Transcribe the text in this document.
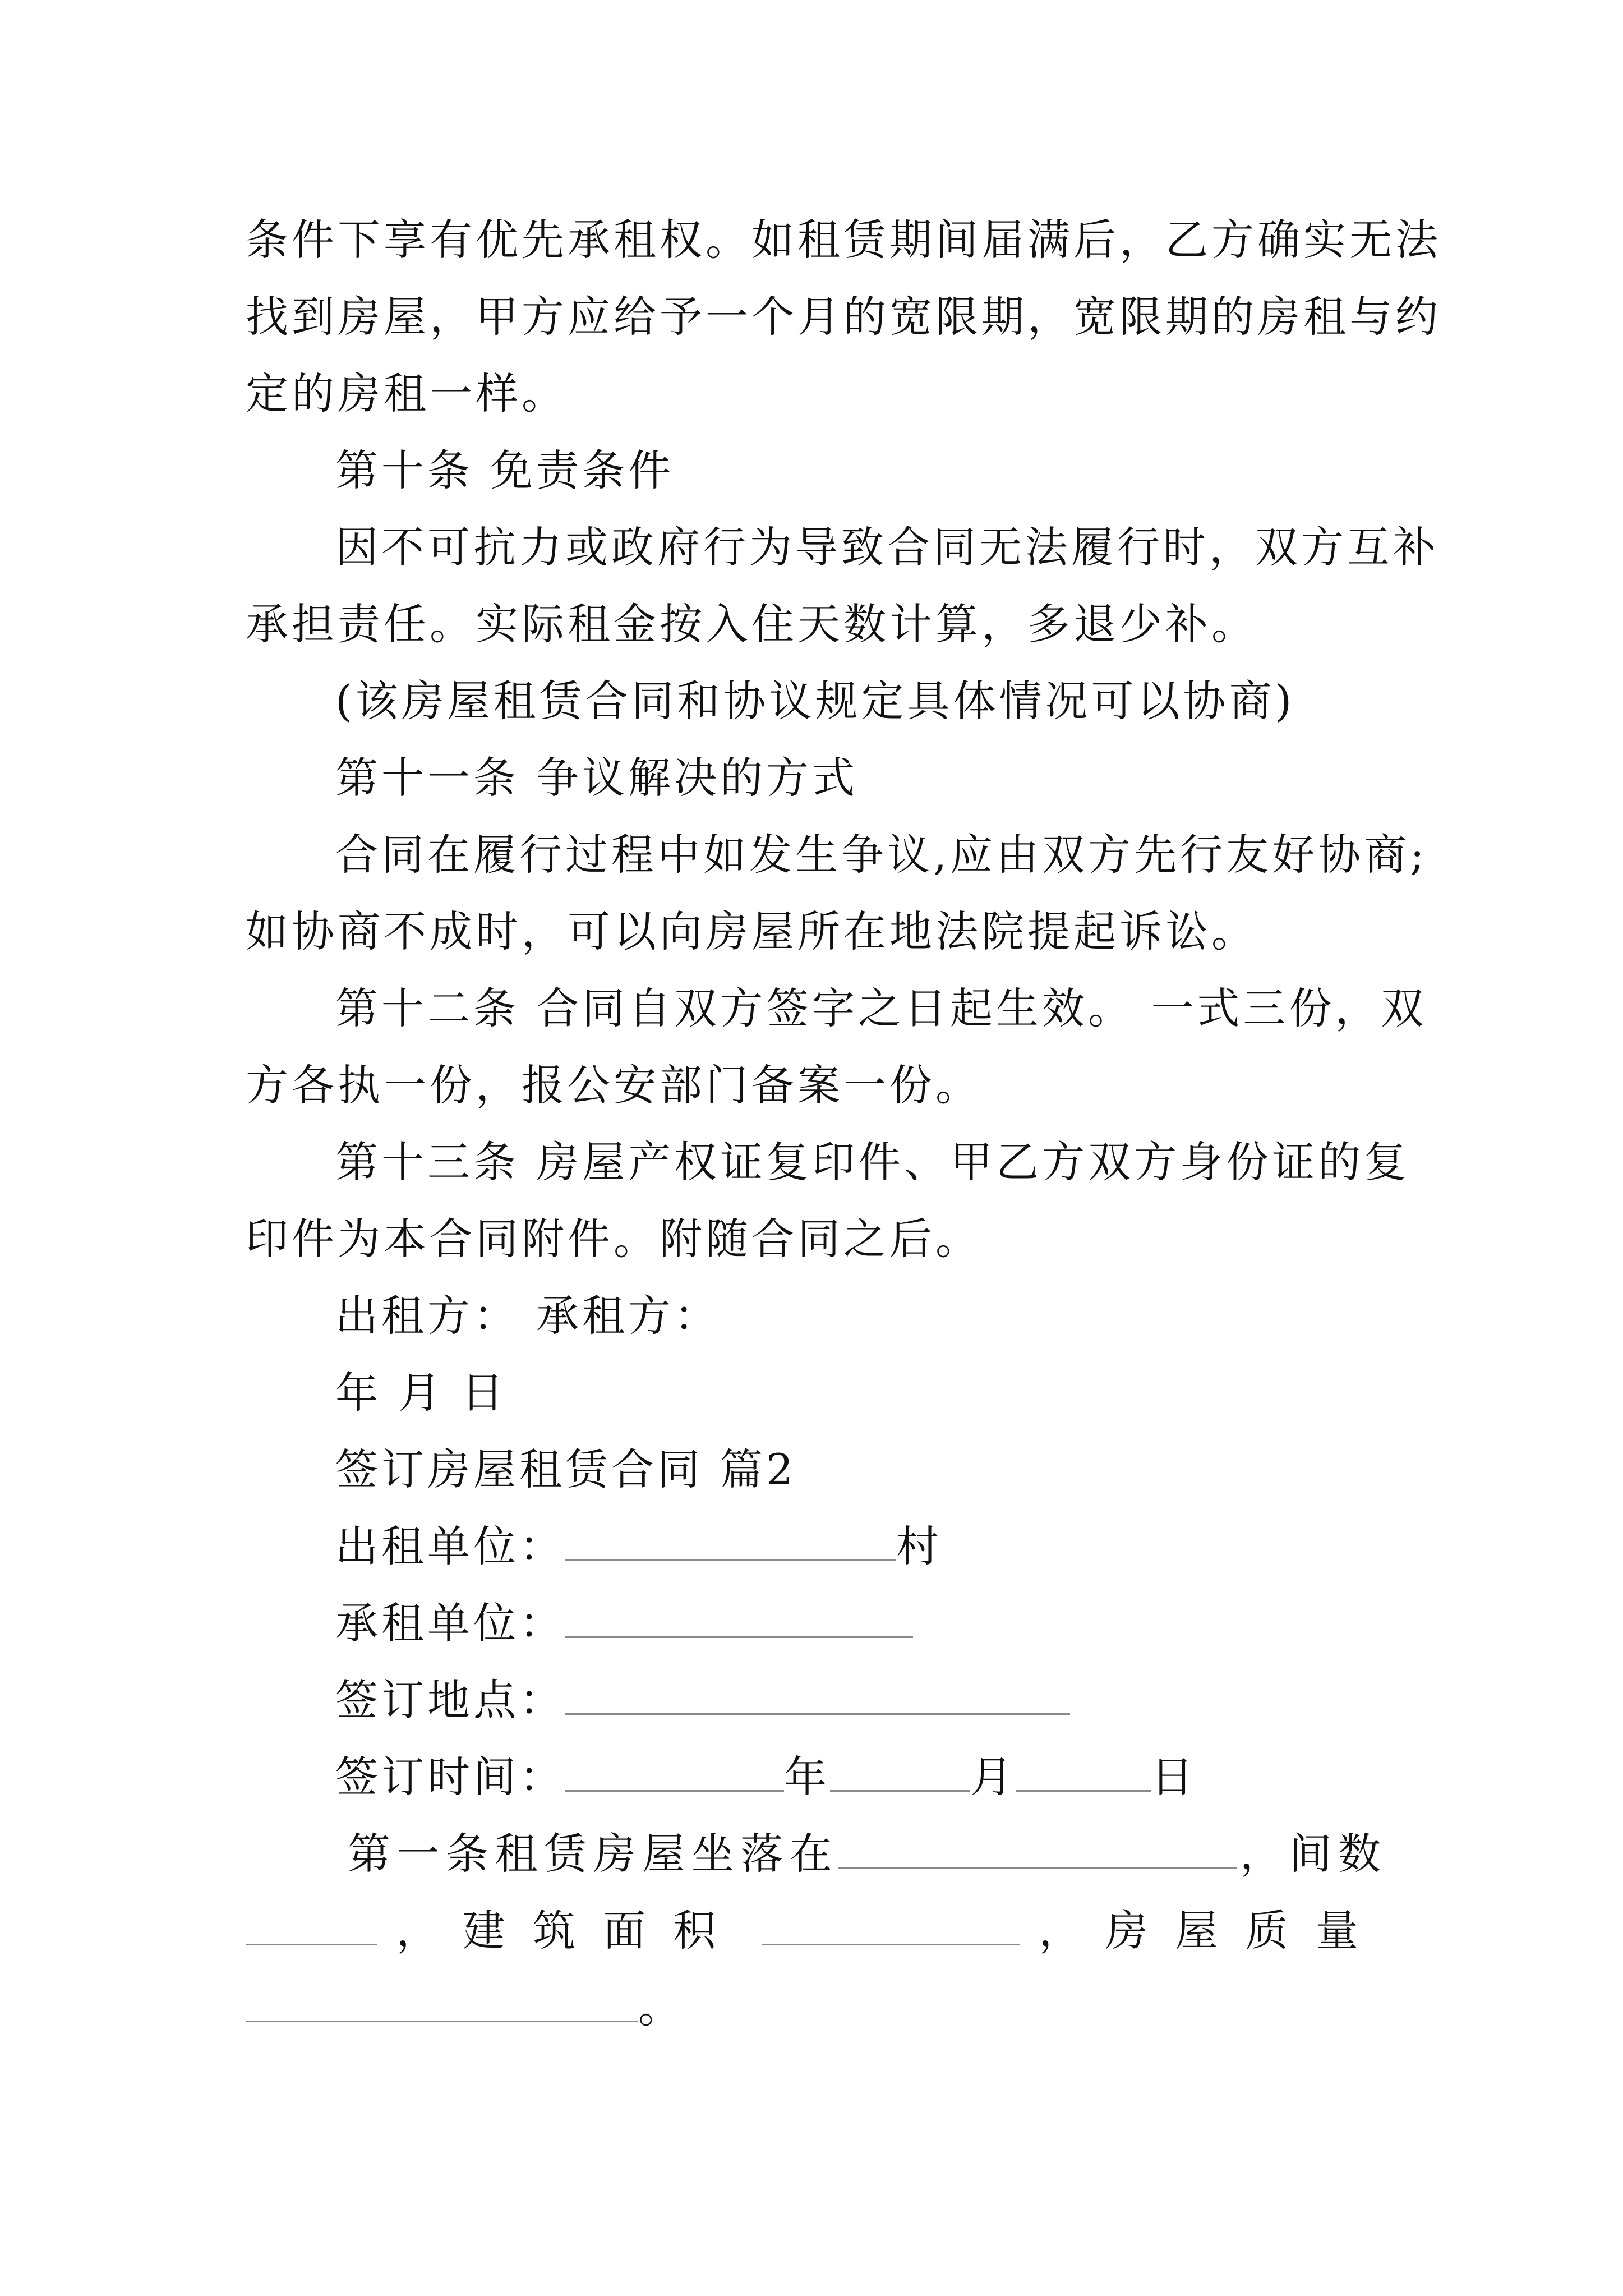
条件下享有优先承租权。如租赁期间届满后，乙方确实无法
找到房屋，甲方应给予一个月的宽限期，宽限期的房租与约
定的房租一样。
第十条 免责条件
因不可抗力或政府行为导致合同无法履行时，双方互补
承担责任。实际租金按入住天数计算，多退少补。
(该房屋租赁合同和协议规定具体情况可以协商)
第十一条 争议解决的方式
合同在履行过程中如发生争议,应由双方先行友好协商;
如协商不成时，可以向房屋所在地法院提起诉讼。
第十二条 合同自双方签字之日起生效。 一式三份，双
方各执一份，报公安部门备案一份。
第十三条 房屋产权证复印件、甲乙方双方身份证的复
印件为本合同附件。附随合同之后。
出租方： 承租方：
年 月 日
签订房屋租赁合同 篇2
出租单位：	村
承租单位：
签订地点：
签订时间：	年	月	日
第一条租赁房屋坐落在	，间数
， 建筑面积	， 房屋质量
。
